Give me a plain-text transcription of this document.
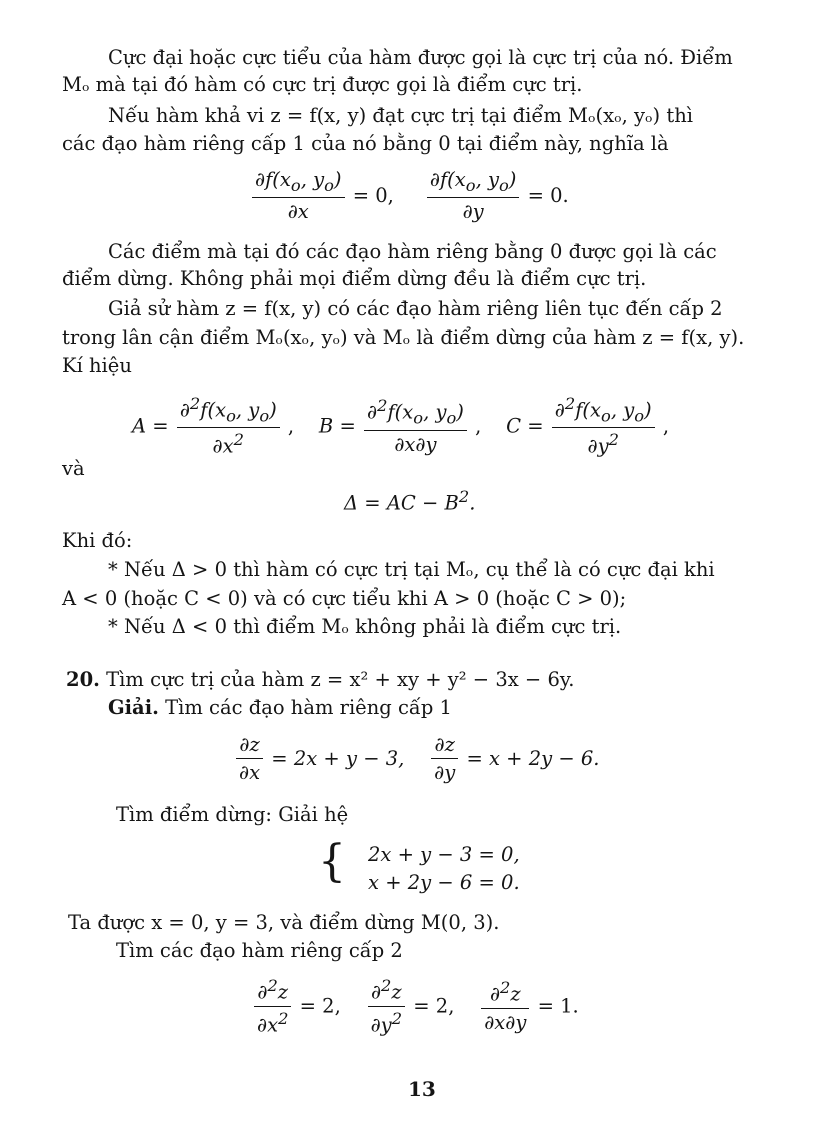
Cực đại hoặc cực tiểu của hàm được gọi là cực trị của nó. Điểm
Mₒ mà tại đó hàm có cực trị được gọi là điểm cực trị.
Nếu hàm khả vi z = f(x, y) đạt cực trị tại điểm Mₒ(xₒ, yₒ) thì
các đạo hàm riêng cấp 1 của nó bằng 0 tại điểm này, nghĩa là
$\frac{\partial f(x_o, y_o)}{\partial x} = 0$, $\frac{\partial f(x_o, y_o)}{\partial y} = 0$.
Các điểm mà tại đó các đạo hàm riêng bằng 0 được gọi là các
điểm dừng. Không phải mọi điểm dừng đều là điểm cực trị.
Giả sử hàm z = f(x, y) có các đạo hàm riêng liên tục đến cấp 2
trong lân cận điểm Mₒ(xₒ, yₒ) và Mₒ là điểm dừng của hàm z = f(x, y).
Kí hiệu
$A = \frac{\partial^2f(x_o, y_o)}{\partial x^2}$ ,    $B = \frac{\partial^2f(x_o, y_o)}{\partial x\partial y}$ ,    $C = \frac{\partial^2f(x_o, y_o)}{\partial y^2}$ ,
và
Δ = AC − $B^2$.
Khi đó:
* Nếu Δ > 0 thì hàm có cực trị tại Mₒ, cụ thể là có cực đại khi
A < 0 (hoặc C < 0) và có cực tiểu khi A > 0 (hoặc C > 0);
* Nếu Δ < 0 thì điểm Mₒ không phải là điểm cực trị.
20. Tìm cực trị của hàm z = x² + xy + y² − 3x − 6y.
Giải. Tìm các đạo hàm riêng cấp 1
$\frac{\partial z}{\partial x} = 2x + y - 3$, $\frac{\partial z}{\partial y} = x + 2y - 6$.
Tìm điểm dừng: Giải hệ
{ 2x + y − 3 = 0,
x + 2y − 6 = 0.
Ta được x = 0, y = 3, và điểm dừng M(0, 3).
Tìm các đạo hàm riêng cấp 2
$\frac{\partial^2z}{\partial x^2} = 2$, $\frac{\partial^2z}{\partial y^2} = 2$, $\frac{\partial^2z}{\partial x\partial y} = 1$.
13
